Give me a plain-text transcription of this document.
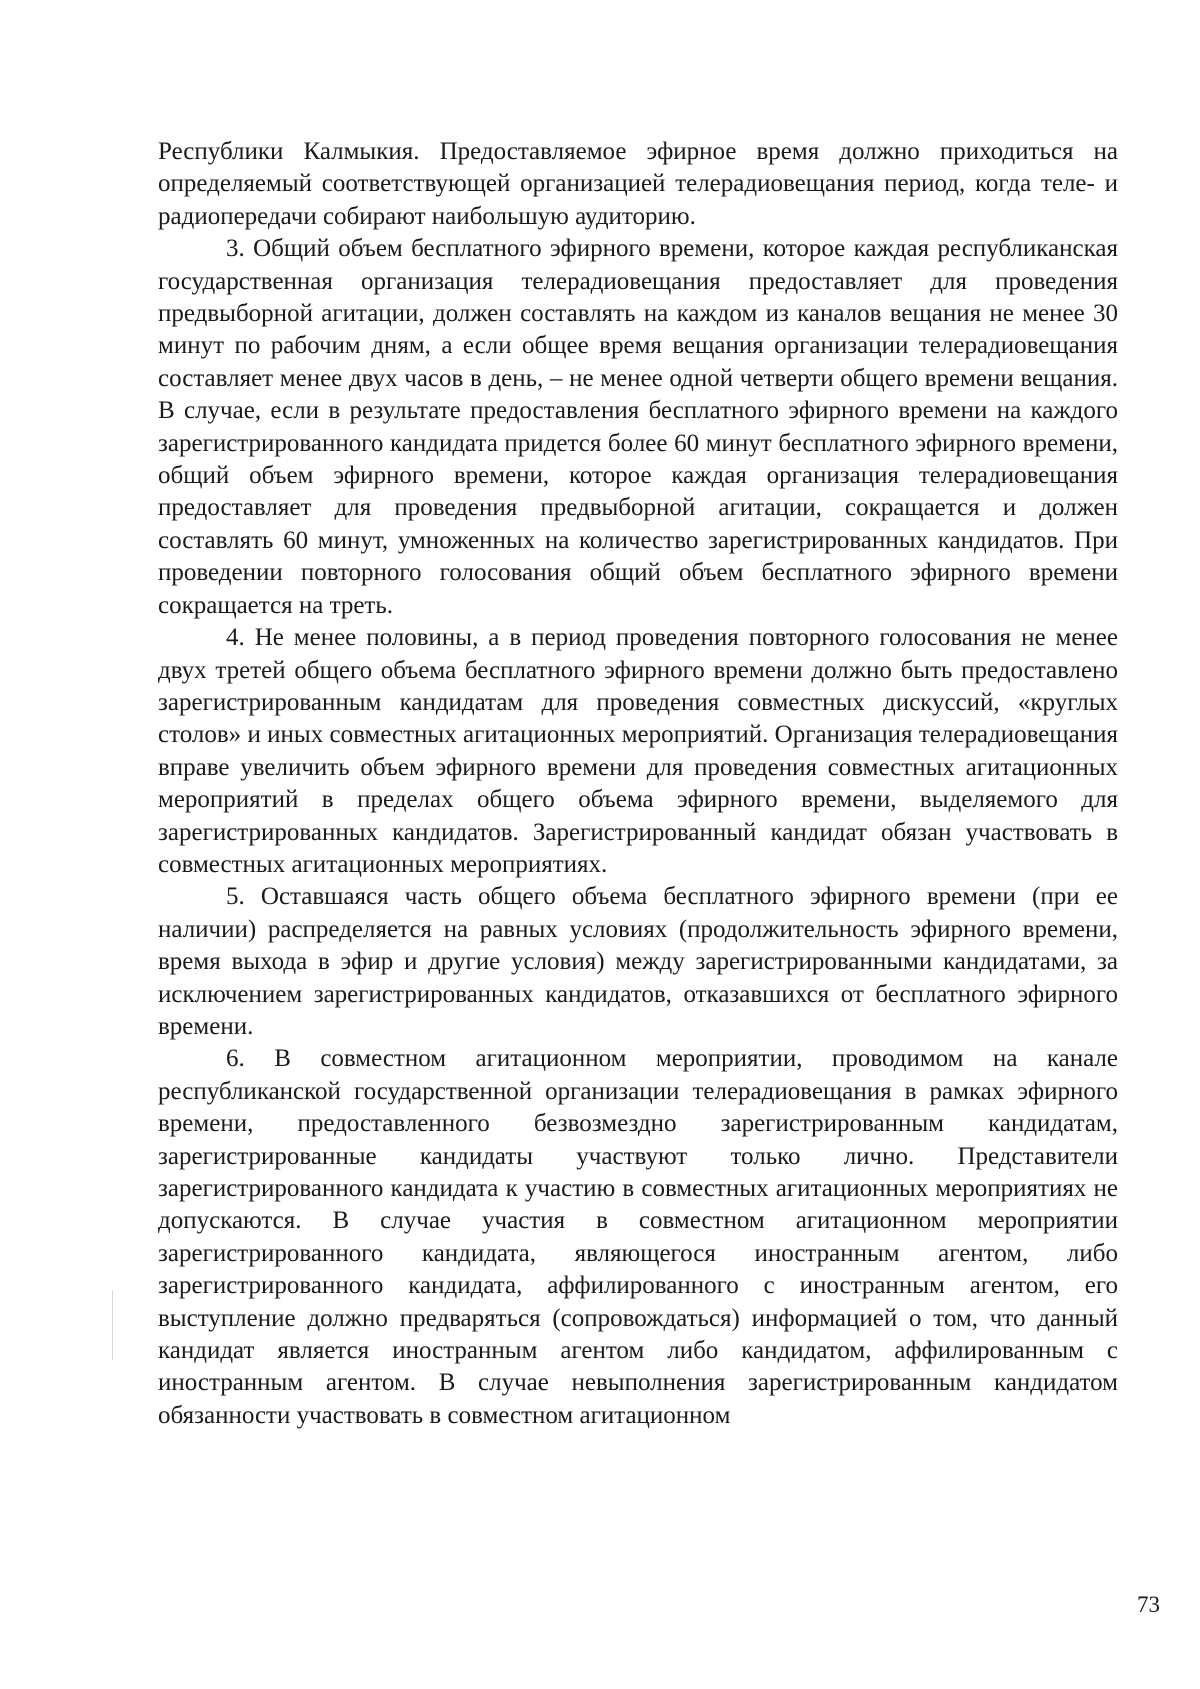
Республики Калмыкия. Предоставляемое эфирное время должно приходиться на определяемый соответствующей организацией телерадиовещания период, когда теле- и радиопередачи собирают наибольшую аудиторию.

3. Общий объем бесплатного эфирного времени, которое каждая республиканская государственная организация телерадиовещания предоставляет для проведения предвыборной агитации, должен составлять на каждом из каналов вещания не менее 30 минут по рабочим дням, а если общее время вещания организации телерадиовещания составляет менее двух часов в день, – не менее одной четверти общего времени вещания. В случае, если в результате предоставления бесплатного эфирного времени на каждого зарегистрированного кандидата придется более 60 минут бесплатного эфирного времени, общий объем эфирного времени, которое каждая организация телерадиовещания предоставляет для проведения предвыборной агитации, сокращается и должен составлять 60 минут, умноженных на количество зарегистрированных кандидатов. При проведении повторного голосования общий объем бесплатного эфирного времени сокращается на треть.

4. Не менее половины, а в период проведения повторного голосования не менее двух третей общего объема бесплатного эфирного времени должно быть предоставлено зарегистрированным кандидатам для проведения совместных дискуссий, «круглых столов» и иных совместных агитационных мероприятий. Организация телерадиовещания вправе увеличить объем эфирного времени для проведения совместных агитационных мероприятий в пределах общего объема эфирного времени, выделяемого для зарегистрированных кандидатов. Зарегистрированный кандидат обязан участвовать в совместных агитационных мероприятиях.

5. Оставшаяся часть общего объема бесплатного эфирного времени (при ее наличии) распределяется на равных условиях (продолжительность эфирного времени, время выхода в эфир и другие условия) между зарегистрированными кандидатами, за исключением зарегистрированных кандидатов, отказавшихся от бесплатного эфирного времени.

6. В совместном агитационном мероприятии, проводимом на канале республиканской государственной организации телерадиовещания в рамках эфирного времени, предоставленного безвозмездно зарегистрированным кандидатам, зарегистрированные кандидаты участвуют только лично. Представители зарегистрированного кандидата к участию в совместных агитационных мероприятиях не допускаются. В случае участия в совместном агитационном мероприятии зарегистрированного кандидата, являющегося иностранным агентом, либо зарегистрированного кандидата, аффилированного с иностранным агентом, его выступление должно предваряться (сопровождаться) информацией о том, что данный кандидат является иностранным агентом либо кандидатом, аффилированным с иностранным агентом. В случае невыполнения зарегистрированным кандидатом обязанности участвовать в совместном агитационном

73
